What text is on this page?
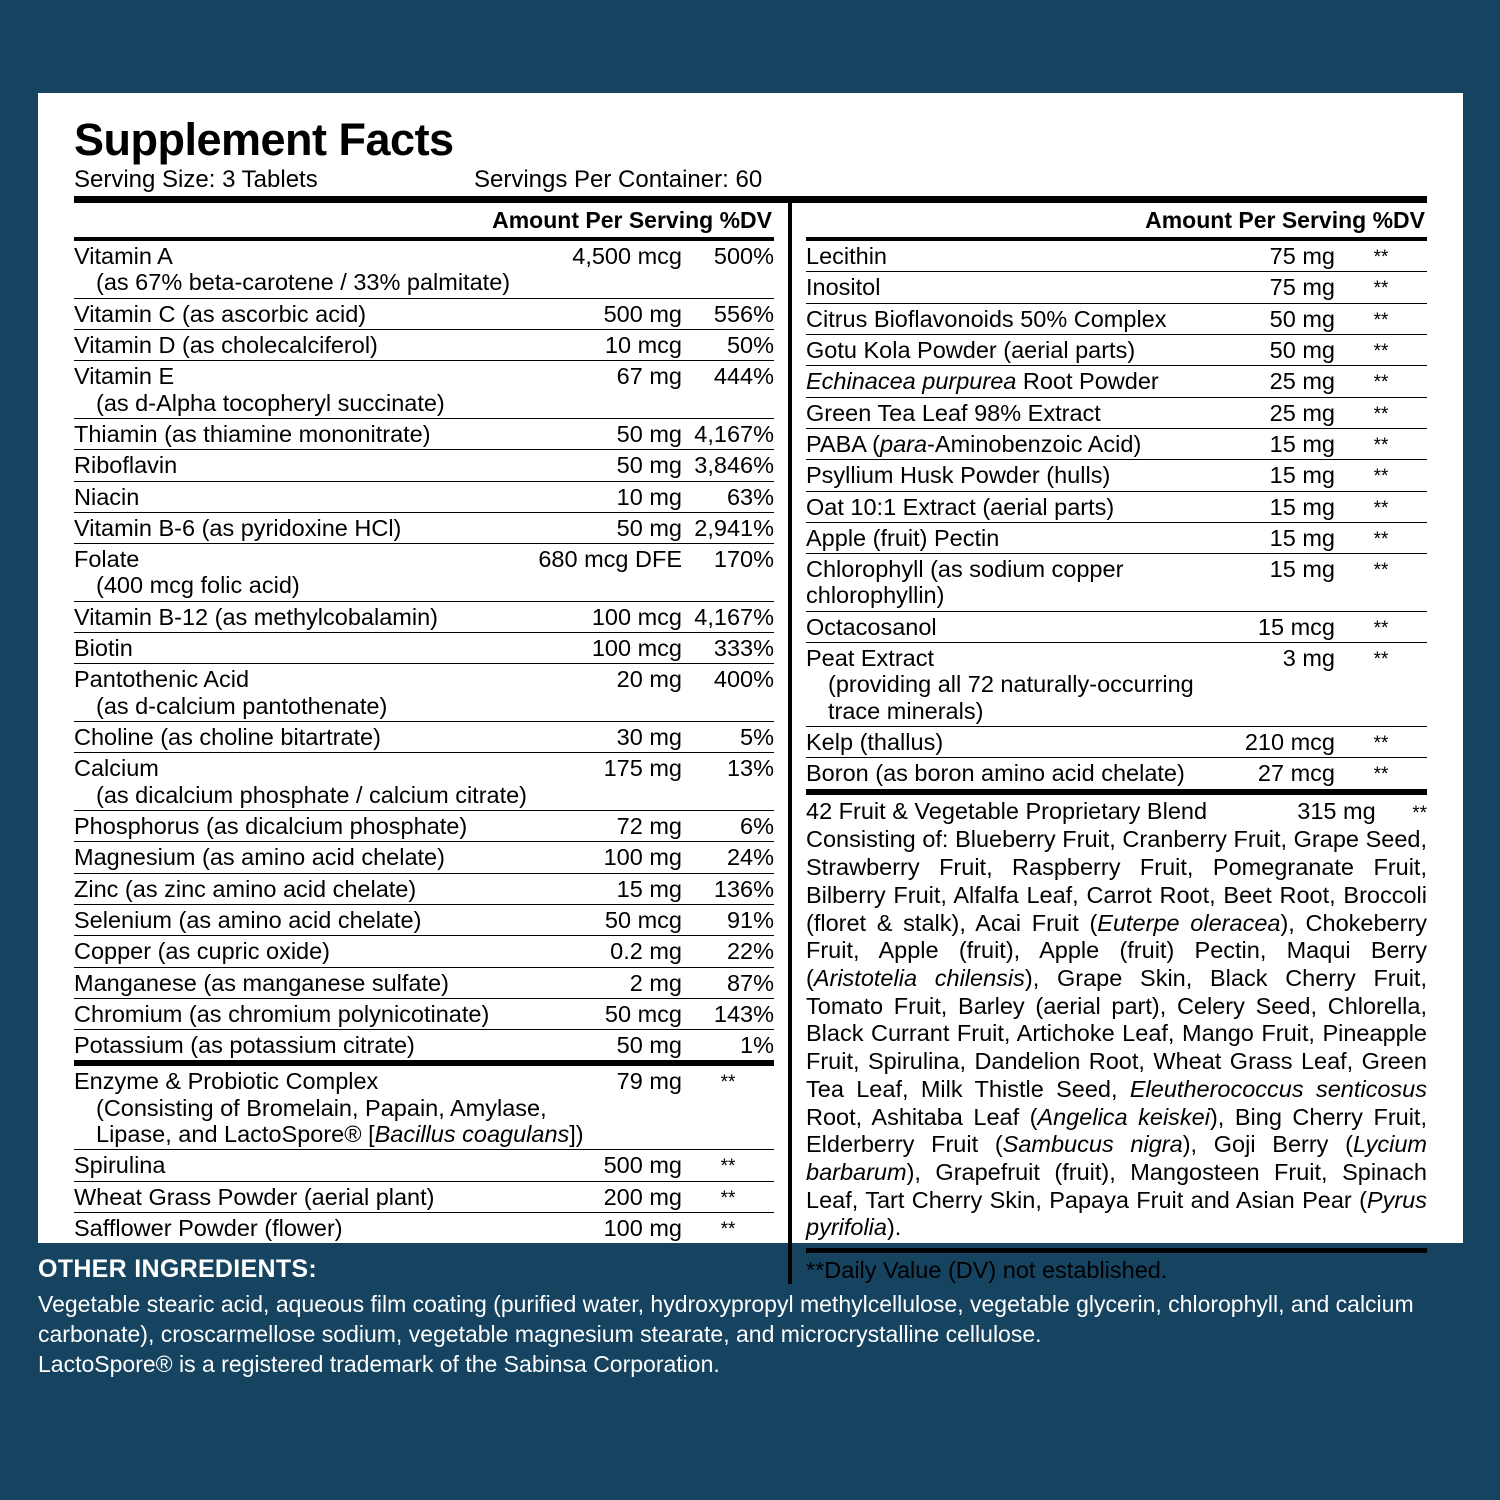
Supplement Facts
Serving Size: 3 Tablets	Servings Per Container: 60
Amount Per Serving %DV
Vitamin A
(as 67% beta-carotene / 33% palmitate)	4,500 mcg	500%
Vitamin C (as ascorbic acid)	500 mg	556%
Vitamin D (as cholecalciferol)	10 mcg	50%
Vitamin E
(as d-Alpha tocopheryl succinate)	67 mg	444%
Thiamin (as thiamine mononitrate)	50 mg	4,167%
Riboflavin	50 mg	3,846%
Niacin	10 mg	63%
Vitamin B-6 (as pyridoxine HCl)	50 mg	2,941%
Folate
(400 mcg folic acid)	680 mcg DFE	170%
Vitamin B-12 (as methylcobalamin)	100 mcg	4,167%
Biotin	100 mcg	333%
Pantothenic Acid
(as d-calcium pantothenate)	20 mg	400%
Choline (as choline bitartrate)	30 mg	5%
Calcium
(as dicalcium phosphate / calcium citrate)	175 mg	13%
Phosphorus (as dicalcium phosphate)	72 mg	6%
Magnesium (as amino acid chelate)	100 mg	24%
Zinc (as zinc amino acid chelate)	15 mg	136%
Selenium (as amino acid chelate)	50 mcg	91%
Copper (as cupric oxide)	0.2 mg	22%
Manganese (as manganese sulfate)	2 mg	87%
Chromium (as chromium polynicotinate)	50 mcg	143%
Potassium (as potassium citrate)	50 mg	1%
Enzyme & Probiotic Complex
(Consisting of Bromelain, Papain, Amylase, Lipase, and LactoSpore® [Bacillus coagulans])	79 mg	**
Spirulina	500 mg	**
Wheat Grass Powder (aerial plant)	200 mg	**
Safflower Powder (flower)	100 mg	**
Amount Per Serving %DV
Lecithin	75 mg	**
Inositol	75 mg	**
Citrus Bioflavonoids 50% Complex	50 mg	**
Gotu Kola Powder (aerial parts)	50 mg	**
Echinacea purpurea Root Powder	25 mg	**
Green Tea Leaf 98% Extract	25 mg	**
PABA (para-Aminobenzoic Acid)	15 mg	**
Psyllium Husk Powder (hulls)	15 mg	**
Oat 10:1 Extract (aerial parts)	15 mg	**
Apple (fruit) Pectin	15 mg	**
Chlorophyll (as sodium copper chlorophyllin)	15 mg	**
Octacosanol	15 mcg	**
Peat Extract
(providing all 72 naturally-occurring trace minerals)	3 mg	**
Kelp (thallus)	210 mcg	**
Boron (as boron amino acid chelate)	27 mcg	**
42 Fruit & Vegetable Proprietary Blend	315 mg **
Consisting of: Blueberry Fruit, Cranberry Fruit, Grape Seed, Strawberry Fruit, Raspberry Fruit, Pomegranate Fruit, Bilberry Fruit, Alfalfa Leaf, Carrot Root, Beet Root, Broccoli (floret & stalk), Acai Fruit (Euterpe oleracea), Chokeberry Fruit, Apple (fruit), Apple (fruit) Pectin, Maqui Berry (Aristotelia chilensis), Grape Skin, Black Cherry Fruit, Tomato Fruit, Barley (aerial part), Celery Seed, Chlorella, Black Currant Fruit, Artichoke Leaf, Mango Fruit, Pineapple Fruit, Spirulina, Dandelion Root, Wheat Grass Leaf, Green Tea Leaf, Milk Thistle Seed, Eleutherococcus senticosus Root, Ashitaba Leaf (Angelica keiskei), Bing Cherry Fruit, Elderberry Fruit (Sambucus nigra), Goji Berry (Lycium barbarum), Grapefruit (fruit), Mangosteen Fruit, Spinach Leaf, Tart Cherry Skin, Papaya Fruit and Asian Pear (Pyrus pyrifolia).
**Daily Value (DV) not established.
OTHER INGREDIENTS:
Vegetable stearic acid, aqueous film coating (purified water, hydroxypropyl methylcellulose, vegetable glycerin, chlorophyll, and calcium carbonate), croscarmellose sodium, vegetable magnesium stearate, and microcrystalline cellulose.
LactoSpore® is a registered trademark of the Sabinsa Corporation.
